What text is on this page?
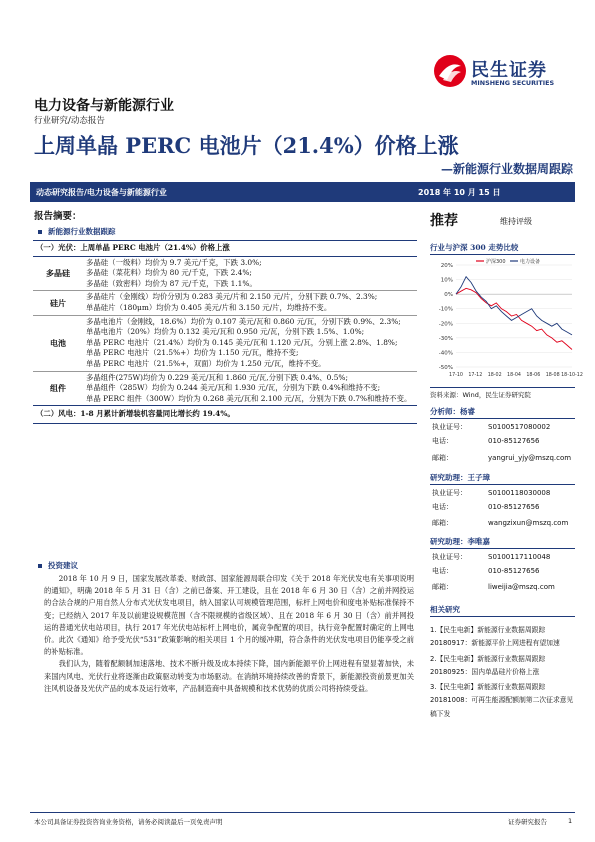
民生证券
MINSHENG SECURITIES
电力设备与新能源行业
行业研究/动态报告
上周单晶 PERC 电池片（21.4%）价格上涨
—新能源行业数据周跟踪
动态研究报告/电力设备与新能源行业	2018 年 10 月 15 日
报告摘要：
新能源行业数据跟踪
（一）光伏：上周单晶 PERC 电池片（21.4%）价格上涨	
多晶硅	多晶硅（一级料）均价为 9.7 美元/千克，下跌 3.0%;
多晶硅（菜花料）均价为 80 元/千克，下跌 2.4%;
多晶硅（致密料）均价为 87 元/千克，下跌 1.1%。

硅片	多晶硅片（金刚线）均价分别为 0.283 美元/片和 2.150 元/片，分别下跌 0.7%、2.3%;
单晶硅片（180μm）均价为 0.405 美元/片和 3.150 元/片，均维持不变。

电池	多晶电池片（金刚线，18.6%）均价为 0.107 美元/瓦和 0.860 元/瓦，分别下跌 0.9%、2.3%;
单晶电池片（20%）均价为 0.132 美元/瓦和 0.950 元/瓦，分别下跌 1.5%、1.0%;
单晶 PERC 电池片（21.4%）均价为 0.145 美元/瓦和 1.120 元/瓦，分别上涨 2.8%、1.8%;
单晶 PERC 电池片（21.5%+）均价为 1.150 元/瓦，维持不变;
单晶 PERC 电池片（21.5%+，双面）均价为 1.250 元/瓦，维持不变。

组件	多晶组件(275W)均价为 0.229 美元/瓦和 1.860 元/瓦,分别下跌 0.4%、0.5%;
单晶组件（285W）均价为 0.244 美元/瓦和 1.930 元/瓦，分别为下跌 0.4%和维持不变;
单晶 PERC 组件（300W）均价为 0.268 美元/瓦和 2.100 元/瓦，分别为下跌 0.7%和维持不变。

（二）风电：1-8 月累计新增装机容量同比增长约 19.4%。	
投资建议

2018 年 10 月 9 日，国家发展改革委、财政部、国家能源局联合印发《关于 2018 年光伏发电有关事项说明的通知》，明确 2018 年 5 月 31 日（含）之前已备案、开工建设，且在 2018 年 6 月 30 日（含）之前并网投运的合法合规的户用自然人分布式光伏发电项目，纳入国家认可规模管理范围，标杆上网电价和度电补贴标准保持不变；已经纳入 2017 年及以前建设规模范围（含不限规模的省级区域）、且在 2018 年 6 月 30 日（含）前并网投运的普通光伏电站项目，执行 2017 年光伏电站标杆上网电价，属竞争配置的项目，执行竞争配置时确定的上网电价。此次《通知》给予受光伏“531”政策影响的相关项目 1 个月的缓冲期，符合条件的光伏发电项目仍能享受之前的补贴标准。

我们认为，随着配额制加速落地、技术不断升级及成本持续下降，国内新能源平价上网进程有望显著加快，未来国内风电、光伏行业将逐渐由政策驱动转变为市场驱动。在消纳环境持续改善的背景下，新能源投资前景更加关注风机设备及光伏产品的成本及运行效率，产品制造商中具备规模和技术优势的优质公司将持续受益。

推荐	维持评级
行业与沪深 300 走势比较
20%
10%
0%
-10%
-20%
-30%
-40%
-50%
17-10 17-12 18-02 18-04 18-06 18-08 18-10-12
沪深300	电力设备
资料来源：Wind，民生证券研究院
分析师：杨睿
执业证号：	S0100517080002
电话：	010-85127656
邮箱：	yangrui_yjy@mszq.com
研究助理：王子璋
执业证号：	S0100118030008
电话：	010-85127656
邮箱：	wangzixun@mszq.com
研究助理：李唯嘉
执业证号：	S0100117110048
电话：	010-85127656
邮箱：	liweijia@mszq.com
相关研究
1.【民生电新】新能源行业数据周跟踪 20180917：新能源平价上网进程有望加速
2.【民生电新】新能源行业数据周跟踪 20180925：国内单晶硅片价格上涨
3.【民生电新】新能源行业数据周跟踪 20181008：可再生能源配额制第二次征求意见稿下发
本公司具备证券投资咨询业务资格，请务必阅读最后一页免责声明	证券研究报告	1
